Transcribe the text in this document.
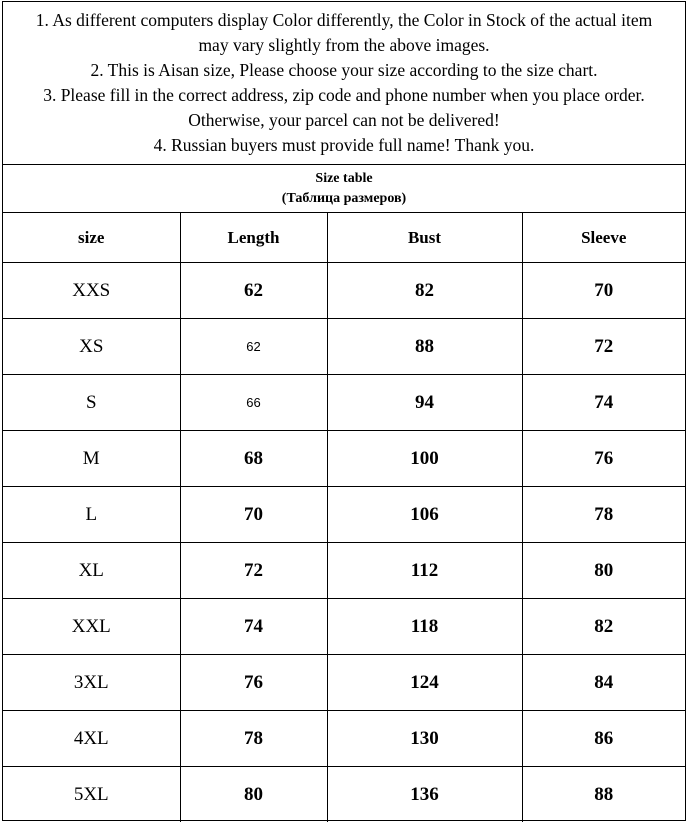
1. As different computers display Color differently, the Color in Stock of the actual item
may vary slightly from the above images.
2. This is Aisan size, Please choose your size according to the size chart.
3. Please fill in the correct address, zip code and phone number when you place order.
Otherwise, your parcel can not be delivered!
4. Russian buyers must provide full name! Thank you.
Size table
(Таблица размеров)
size	Length	Bust	Sleeve
XXS	62	82	70
XS	62	88	72
S	66	94	74
M	68	100	76
L	70	106	78
XL	72	112	80
XXL	74	118	82
3XL	76	124	84
4XL	78	130	86
5XL	80	136	88
